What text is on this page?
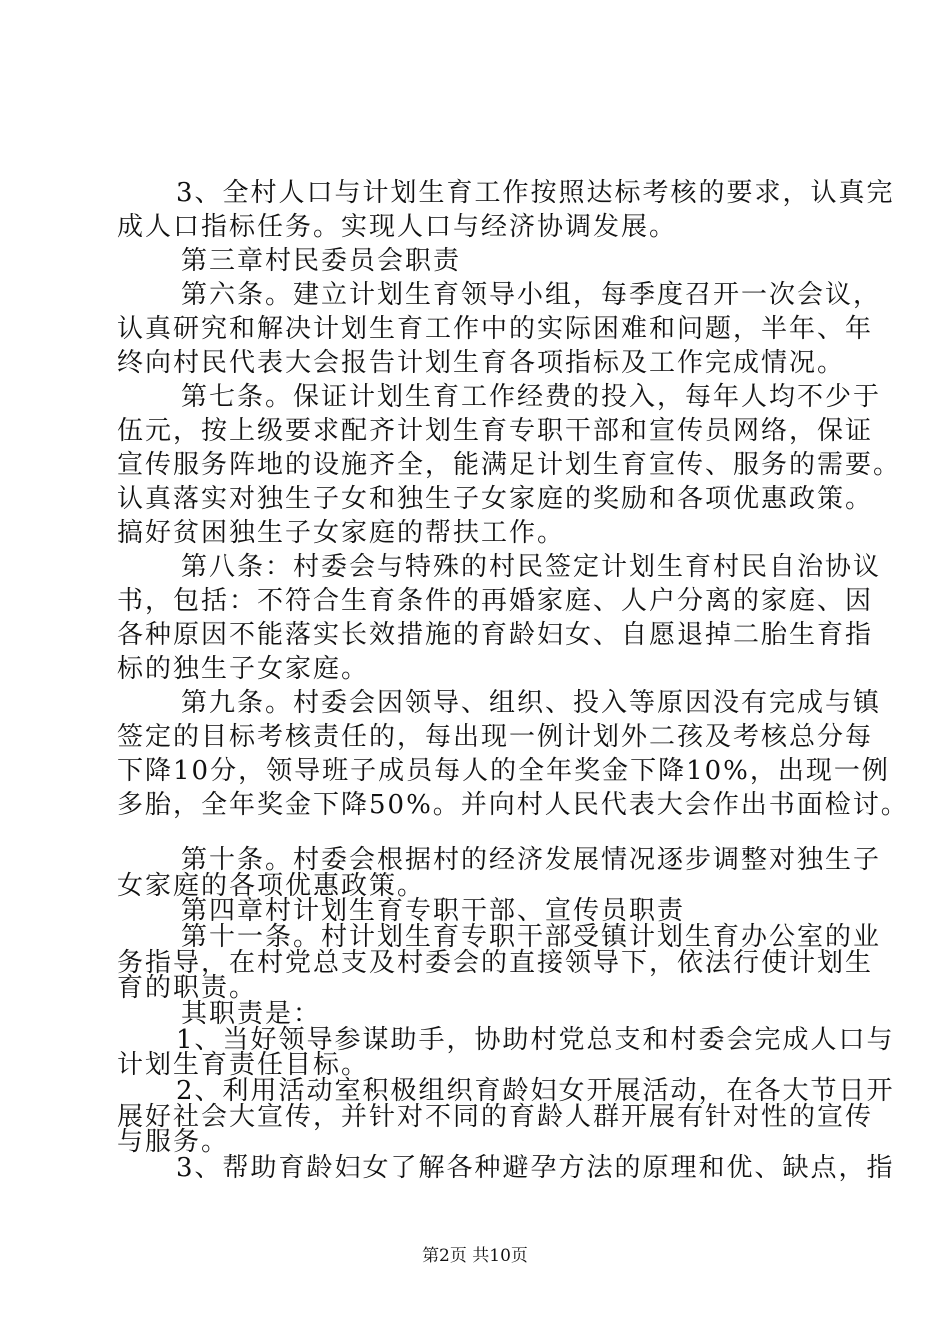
3、全村人口与计划生育工作按照达标考核的要求，认真完
成人口指标任务。实现人口与经济协调发展。
第三章村民委员会职责
第六条。建立计划生育领导小组，每季度召开一次会议，
认真研究和解决计划生育工作中的实际困难和问题，半年、年
终向村民代表大会报告计划生育各项指标及工作完成情况。
第七条。保证计划生育工作经费的投入，每年人均不少于
伍元，按上级要求配齐计划生育专职干部和宣传员网络，保证
宣传服务阵地的设施齐全，能满足计划生育宣传、服务的需要。
认真落实对独生子女和独生子女家庭的奖励和各项优惠政策。
搞好贫困独生子女家庭的帮扶工作。
第八条：村委会与特殊的村民签定计划生育村民自治协议
书，包括：不符合生育条件的再婚家庭、人户分离的家庭、因
各种原因不能落实长效措施的育龄妇女、自愿退掉二胎生育指
标的独生子女家庭。
第九条。村委会因领导、组织、投入等原因没有完成与镇
签定的目标考核责任的，每出现一例计划外二孩及考核总分每
下降10分，领导班子成员每人的全年奖金下降10%，出现一例
多胎，全年奖金下降50%。并向村人民代表大会作出书面检讨。
第十条。村委会根据村的经济发展情况逐步调整对独生子
女家庭的各项优惠政策。
第四章村计划生育专职干部、宣传员职责
第十一条。村计划生育专职干部受镇计划生育办公室的业
务指导，在村党总支及村委会的直接领导下，依法行使计划生
育的职责。
其职责是：
1、当好领导参谋助手，协助村党总支和村委会完成人口与
计划生育责任目标。
2、利用活动室积极组织育龄妇女开展活动，在各大节日开
展好社会大宣传，并针对不同的育龄人群开展有针对性的宣传
与服务。
3、帮助育龄妇女了解各种避孕方法的原理和优、缺点，指
第2页 共10页
